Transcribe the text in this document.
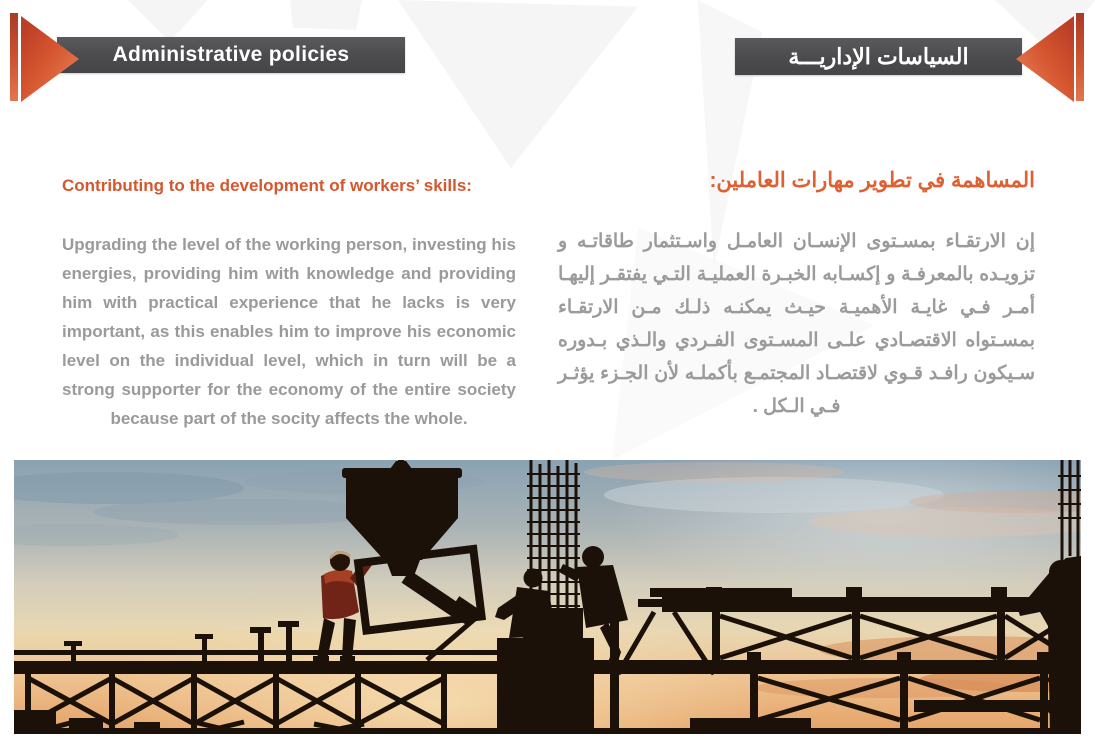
Administrative policies	السياسات الإداريـــة
Contributing to the development of workers’ skills:

Upgrading the level of the working person, investing his energies, providing him with knowledge and providing him with practical experience that he lacks is very important, as this enables him to improve his economic level on the individual level, which in turn will be a strong supporter for the economy of the entire society because part of the socity affects the whole.

المساهمة في تطوير مهارات العاملين:

إن الارتقـاء بمسـتوى الإنسـان العامـل واسـتثمار طاقاتـه و تزويـده بالمعرفـة و إكسـابه الخبـرة العمليـة التـي يفتقـر إليهـا أمـر فـي غايـة الأهميـة حيـث يمكنـه ذلـك مـن الارتقـاء بمسـتواه الاقتصـادي علـى المسـتوى الفـردي والـذي بـدوره سـيكون رافـد قـوي لاقتصـاد المجتمـع بأكملـه لأن الجـزء يؤثـر فـي الـكل .
